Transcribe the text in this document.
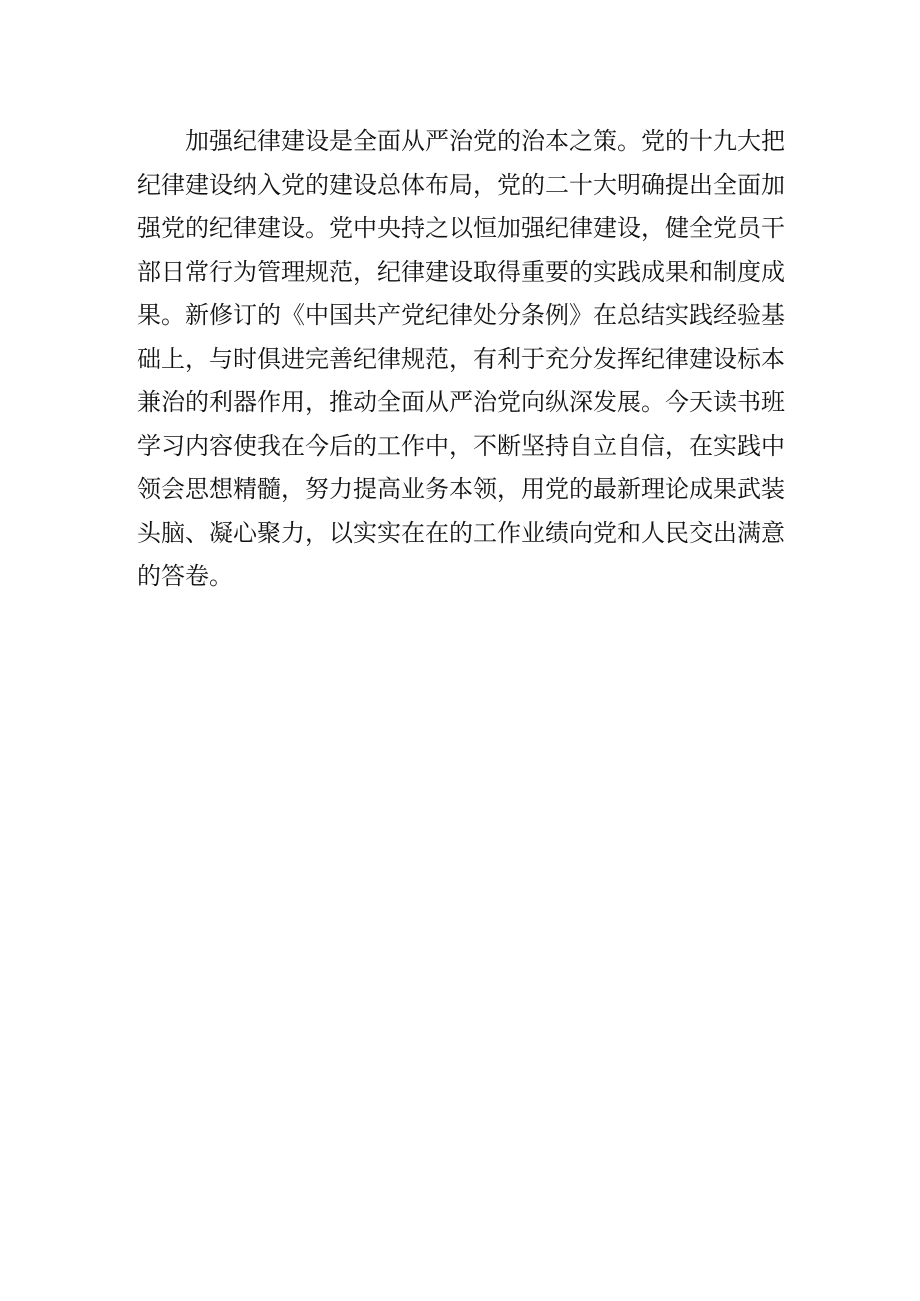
加强纪律建设是全面从严治党的治本之策。党的十九大把纪律建设纳入党的建设总体布局，党的二十大明确提出全面加强党的纪律建设。党中央持之以恒加强纪律建设，健全党员干部日常行为管理规范，纪律建设取得重要的实践成果和制度成果。新修订的《中国共产党纪律处分条例》在总结实践经验基础上，与时俱进完善纪律规范，有利于充分发挥纪律建设标本兼治的利器作用，推动全面从严治党向纵深发展。今天读书班学习内容使我在今后的工作中，不断坚持自立自信，在实践中领会思想精髓，努力提高业务本领，用党的最新理论成果武装头脑、凝心聚力，以实实在在的工作业绩向党和人民交出满意的答卷。
